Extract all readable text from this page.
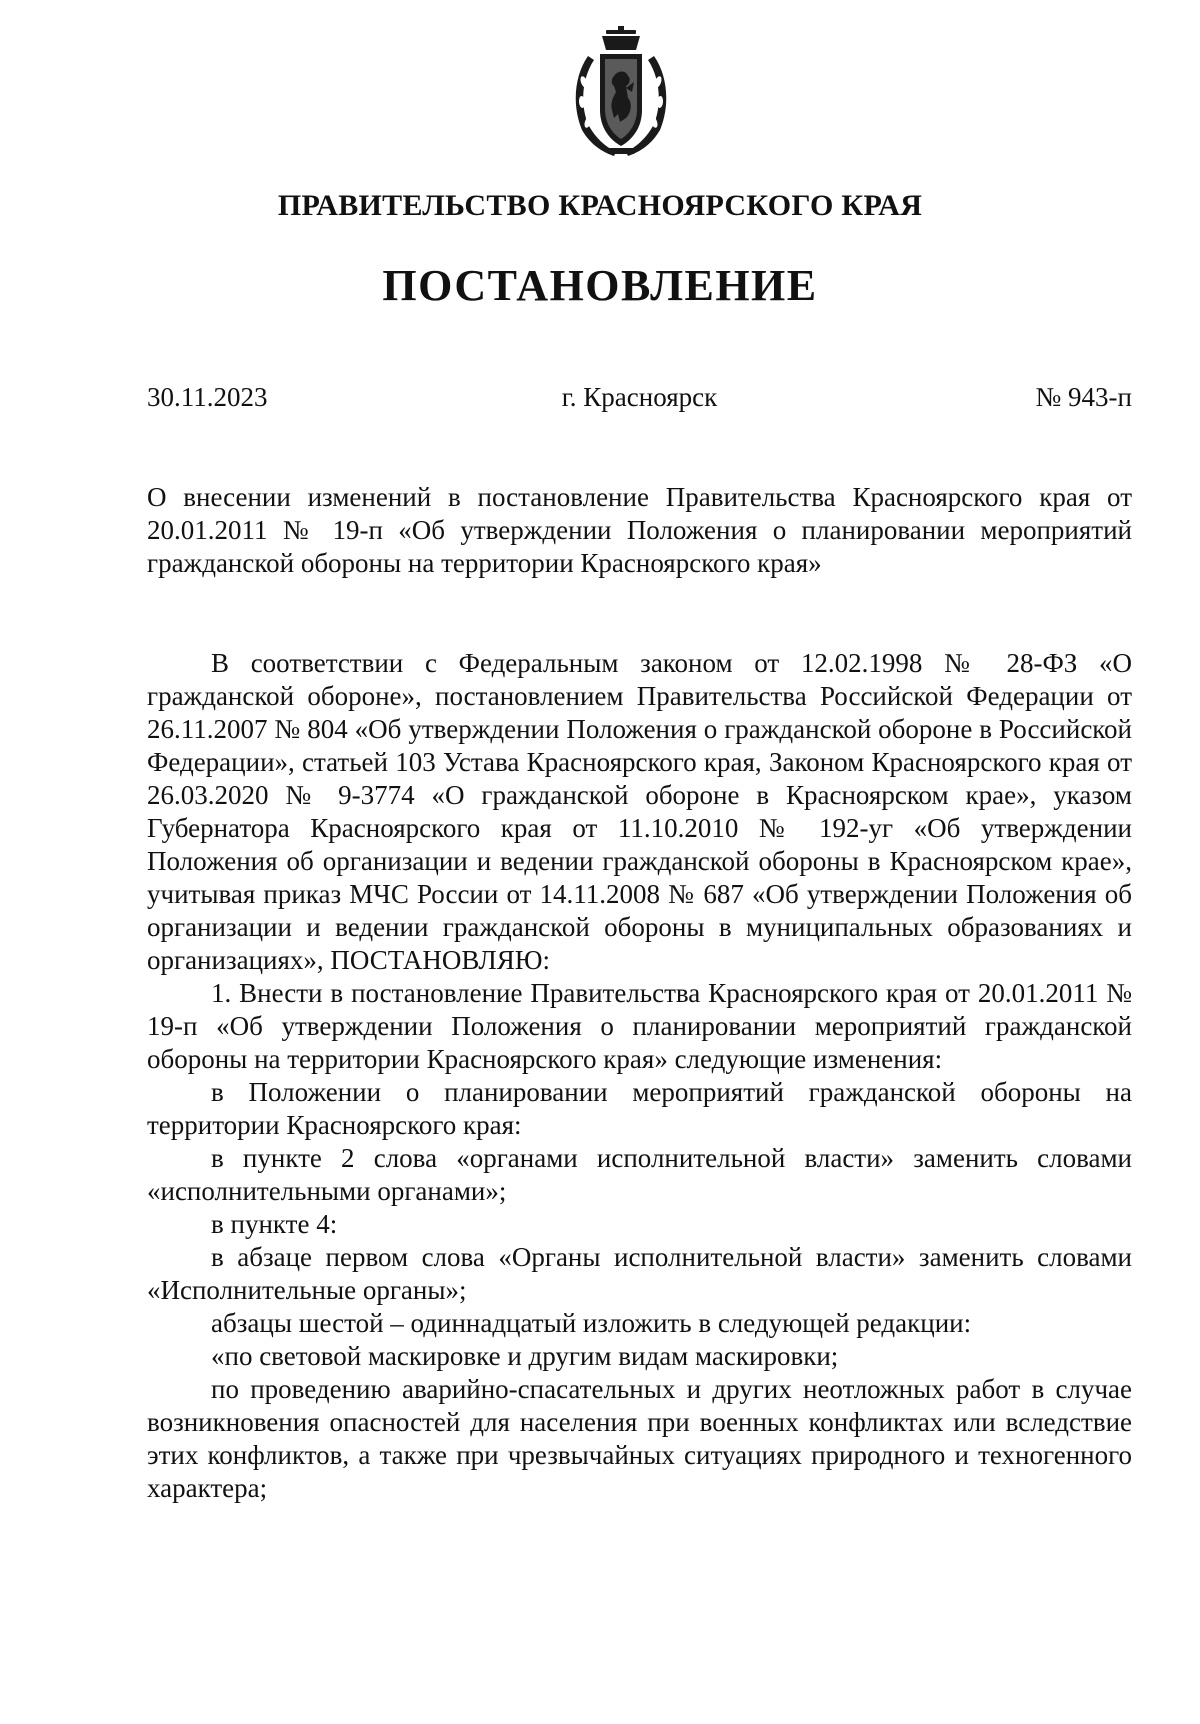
ПРАВИТЕЛЬСТВО КРАСНОЯРСКОГО КРАЯ
ПОСТАНОВЛЕНИЕ
г. Красноярск
30.11.2023	№ 943-п
О внесении изменений в постановление Правительства Красноярского края от 20.01.2011 № 19-п «Об утверждении Положения о планировании мероприятий гражданской обороны на территории Красноярского края»

В соответствии с Федеральным законом от 12.02.1998 № 28-ФЗ «О гражданской обороне», постановлением Правительства Российской Федерации от 26.11.2007 № 804 «Об утверждении Положения о гражданской обороне в Российской Федерации», статьей 103 Устава Красноярского края, Законом Красноярского края от 26.03.2020 № 9-3774 «О гражданской обороне в Красноярском крае», указом Губернатора Красноярского края от 11.10.2010 № 192-уг «Об утверждении Положения об организации и ведении гражданской обороны в Красноярском крае», учитывая приказ МЧС России от 14.11.2008 № 687 «Об утверждении Положения об организации и ведении гражданской обороны в муниципальных образованиях и организациях», ПОСТАНОВЛЯЮ:

1. Внести в постановление Правительства Красноярского края от 20.01.2011 № 19-п «Об утверждении Положения о планировании мероприятий гражданской обороны на территории Красноярского края» следующие изменения:

в Положении о планировании мероприятий гражданской обороны на территории Красноярского края:

в пункте 2 слова «органами исполнительной власти» заменить словами «исполнительными органами»;

в пункте 4:

в абзаце первом слова «Органы исполнительной власти» заменить словами «Исполнительные органы»;

абзацы шестой – одиннадцатый изложить в следующей редакции:

«по световой маскировке и другим видам маскировки;

по проведению аварийно-спасательных и других неотложных работ в случае возникновения опасностей для населения при военных конфликтах или вследствие этих конфликтов, а также при чрезвычайных ситуациях природного и техногенного характера;
